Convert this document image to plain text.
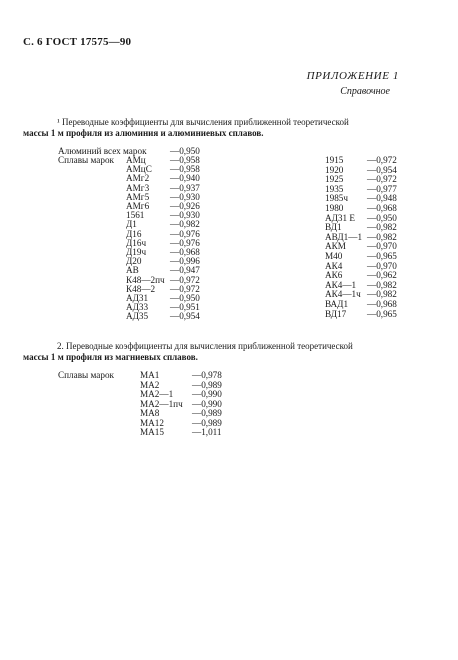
С. 6 ГОСТ 17575—90
ПРИЛОЖЕНИЕ 1
Справочное

¹ Переводные коэффициенты для вычисления приближенной теоретической

массы 1 м профиля из алюминия и алюминиевых сплавов.

Алюминий всех марок	—0,950
Сплавы марок АМц	—0,958
АМцС —0,958
АМг2 —0,940
АМг3 —0,937
АМг5 —0,930
АМг6 —0,926
1561	—0,930
Д1	—0,982
Д16	—0,976
Д16ч	—0,976
Д19ч	—0,968
Д20	—0,996
АВ	—0,947
К48—2пч —0,972
К48—2 —0,972
АД31 —0,950
АД33 —0,951
АД35 —0,954
1915	—0,972
1920	—0,954
1925	—0,972
1935	—0,977
1985ч —0,948
1980	—0,968
АД31 Е —0,950
ВД1	—0,982
АВД1—1 —0,982
АКМ —0,970
М40	—0,965
АК4	—0,970
АК6	—0,962
АК4—1 —0,982
АК4—1ч —0,982
ВАД1 —0,968
ВД17 —0,965

2. Переводные коэффициенты для вычисления приближенной теоретической

массы 1 м профиля из магниевых сплавов.

Сплавы марок	МА1	—0,978
МА2	—0,989
МА2—1 —0,990
МА2—1пч —0,990
МА8	—0,989
МА12	—0,989
МА15	—1,011
